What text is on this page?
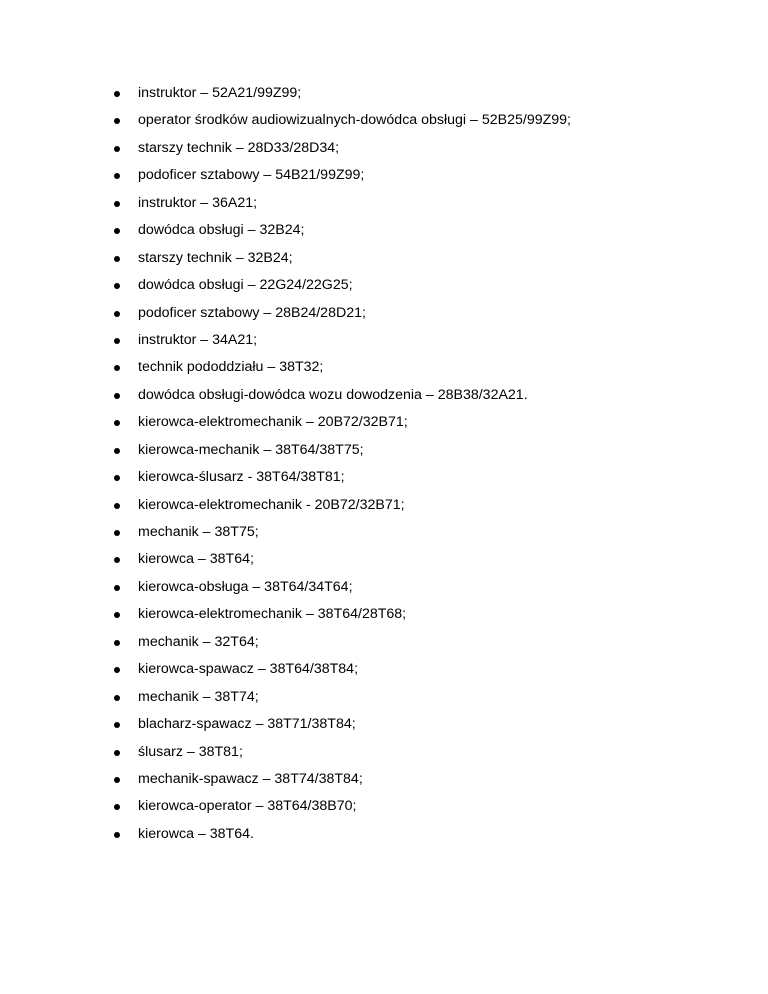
instruktor – 52A21/99Z99;
operator środków audiowizualnych-dowódca obsługi – 52B25/99Z99;
starszy technik – 28D33/28D34;
podoficer sztabowy – 54B21/99Z99;
instruktor – 36A21;
dowódca obsługi – 32B24;
starszy technik – 32B24;
dowódca obsługi – 22G24/22G25;
podoficer sztabowy – 28B24/28D21;
instruktor – 34A21;
technik pododdziału – 38T32;
dowódca obsługi-dowódca wozu dowodzenia – 28B38/32A21.
kierowca-elektromechanik – 20B72/32B71;
kierowca-mechanik – 38T64/38T75;
kierowca-ślusarz - 38T64/38T81;
kierowca-elektromechanik - 20B72/32B71;
mechanik – 38T75;
kierowca – 38T64;
kierowca-obsługa – 38T64/34T64;
kierowca-elektromechanik – 38T64/28T68;
mechanik – 32T64;
kierowca-spawacz – 38T64/38T84;
mechanik – 38T74;
blacharz-spawacz – 38T71/38T84;
ślusarz – 38T81;
mechanik-spawacz – 38T74/38T84;
kierowca-operator – 38T64/38B70;
kierowca – 38T64.
